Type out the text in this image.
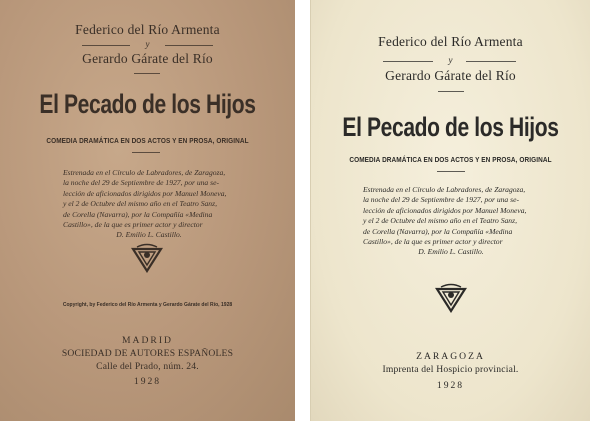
Federico del Río Armenta
y
Gerardo Gárate del Río
El Pecado de los Hijos
COMEDIA DRAMÁTICA EN DOS ACTOS Y EN PROSA, ORIGINAL
Estrenada en el Círculo de Labradores, de Zaragoza,
la noche del 29 de Septiembre de 1927, por una se-
lección de aficionados dirigidos por Manuel Moneva,
y el 2 de Octubre del mismo año en el Teatro Sanz,
de Corella (Navarra), por la Compañía «Medina
Castillo», de la que es primer actor y director
D. Emilio L. Castillo.
Copyright, by Federico del Río Armenta y Gerardo Gárate del Río, 1928
MADRID
SOCIEDAD DE AUTORES ESPAÑOLES
Calle del Prado, núm. 24.
1928
Federico del Río Armenta
y
Gerardo Gárate del Río
El Pecado de los Hijos
COMEDIA DRAMÁTICA EN DOS ACTOS Y EN PROSA, ORIGINAL
Estrenada en el Círculo de Labradores, de Zaragoza,
la noche del 29 de Septiembre de 1927, por una se-
lección de aficionados dirigidos por Manuel Moneva,
y el 2 de Octubre del mismo año en el Teatro Sanz,
de Corella (Navarra), por la Compañía «Medina
Castillo», de la que es primer actor y director
D. Emilio L. Castillo.
ZARAGOZA
Imprenta del Hospicio provincial.
1928
